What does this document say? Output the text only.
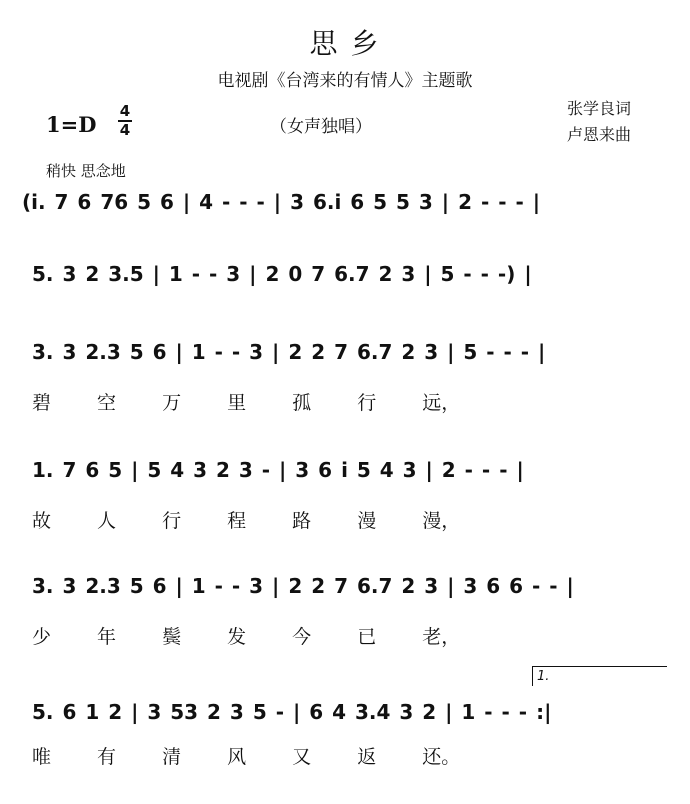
思 乡
电视剧《台湾来的有情人》主题歌
1=D
4
4	（女声独唱）
张学良词
卢恩来曲
稍快 思念地
(i. 7 6 76 5 6 | 4 - - - | 3 6.i 6 5 5 3 | 2 - - - |
5. 3 2 3.5 | 1 - - 3 | 2 0 7 6.7 2 3 | 5 - - -) |
3. 3 2.3 5 6 | 1 - - 3 | 2 2 7 6.7 2 3 | 5 - - - |
碧 空 万 里 孤 行 远，
1. 7 6 5 | 5 4 3 2 3 - | 3 6 i 5 4 3 | 2 - - - |
故 人 行 程 路 漫 漫，
3. 3 2.3 5 6 | 1 - - 3 | 2 2 7 6.7 2 3 | 3 6 6 - - |
少 年 鬓 发 今 已 老，
1.
5. 6 1 2 | 3 53 2 3 5 - | 6 4 3.4 3 2 | 1 - - - :|
唯 有 清 风 又 返 还。
